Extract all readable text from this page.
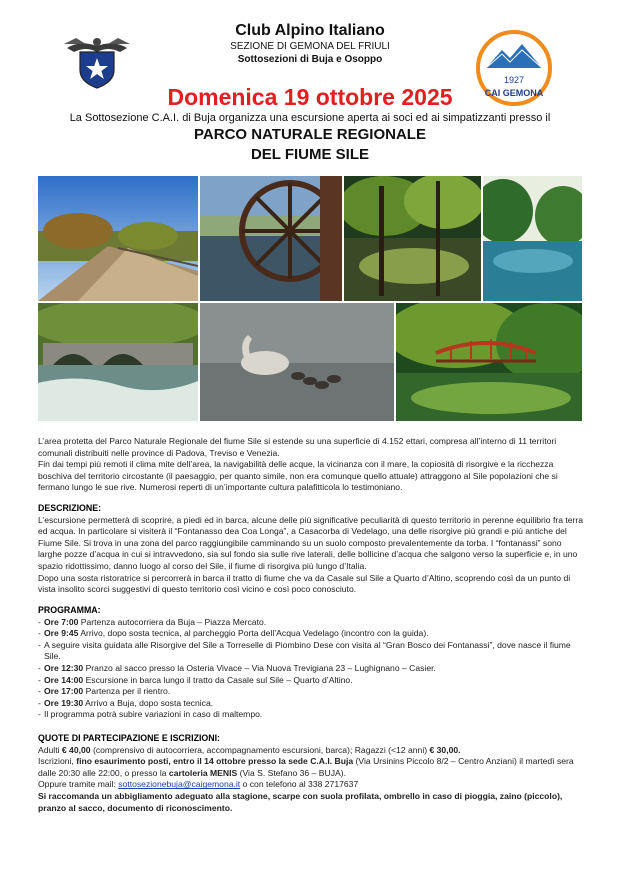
Club Alpino Italiano
SEZIONE DI GEMONA DEL FRIULI
Sottosezioni di Buja e Osoppo
1927
CAI GEMONA
Domenica 19 ottobre 2025
La Sottosezione C.A.I. di Buja organizza una escursione aperta ai soci ed ai simpatizzanti presso il
PARCO NATURALE REGIONALE
DEL FIUME SILE

L’area protetta del Parco Naturale Regionale del fiume Sile si estende su una superficie di 4.152 ettari, compresa all’interno di 11 territori comunali distribuiti nelle province di Padova, Treviso e Venezia.

Fin dai tempi più remoti il clima mite dell’area, la navigabilità delle acque, la vicinanza con il mare, la copiosità di risorgive e la ricchezza boschiva del territorio circostante (il paesaggio, per quanto simile, non era comunque quello attuale) attraggono al Sile popolazioni che si fermano lungo le sue rive. Numerosi reperti di un’importante cultura palafitticola lo testimoniano.

DESCRIZIONE:

L’escursione permetterà di scoprire, a piedi ed in barca, alcune delle più significative peculiarità di questo territorio in perenne equilibrio fra terra ed acqua. In particolare si visiterà il “Fontanasso dea Coa Longa”, a Casacorba di Vedelago, una delle risorgive più grandi e più antiche del Fiume Sile. Si trova in una zona del parco raggiungibile camminando su un suolo composto prevalentemente da torba. I “fontanassi” sono larghe pozze d’acqua in cui si intravvedono, sia sul fondo sia sulle rive laterali, delle bollicine d’acqua che salgono verso la superficie e, in uno spazio ridottissimo, danno luogo al corso del Sile, il fiume di risorgiva più lungo d’Italia.

Dopo una sosta ristoratrice si percorrerà in barca il tratto di fiume che va da Casale sul Sile a Quarto d’Altino, scoprendo così da un punto di vista insolito scorci suggestivi di questo territorio così vicino e così poco conosciuto.

PROGRAMMA:

- Ore 7:00 Partenza autocorriera da Buja – Piazza Mercato.
- Ore 9:45 Arrivo, dopo sosta tecnica, al parcheggio Porta dell’Acqua Vedelago (incontro con la guida).
- A seguire visita guidata alle Risorgive del Sile a Torreselle di Piombino Dese con visita al “Gran Bosco dei Fontanassi”, dove nasce il fiume Sile.
- Ore 12:30 Pranzo al sacco presso la Osteria Vivace – Via Nuova Trevigiana 23 – Lughignano – Casier.
- Ore 14:00 Escursione in barca lungo il tratto da Casale sul Sile – Quarto d’Altino.
- Ore 17:00 Partenza per il rientro.
- Ore 19:30 Arrivo a Buja, dopo sosta tecnica.
- Il programma potrà subire variazioni in caso di maltempo.

QUOTE DI PARTECIPAZIONE E ISCRIZIONI:

Adulti € 40,00 (comprensivo di autocorriera, accompagnamento escursioni, barca); Ragazzi (<12 anni) € 30,00.

Iscrizioni, fino esaurimento posti, entro il 14 ottobre presso la sede C.A.I. Buja (Via Ursinins Piccolo 8/2 – Centro Anziani) il martedì sera dalle 20:30 alle 22:00, o presso la cartoleria MENIS (Via S. Stefano 36 – BUJA).

Oppure tramite mail: sottosezionebuja@caigemona.it o con telefono al 338 2717637

Si raccomanda un abbigliamento adeguato alla stagione, scarpe con suola profilata, ombrello in caso di pioggia, zaino (piccolo), pranzo al sacco, documento di riconoscimento.
